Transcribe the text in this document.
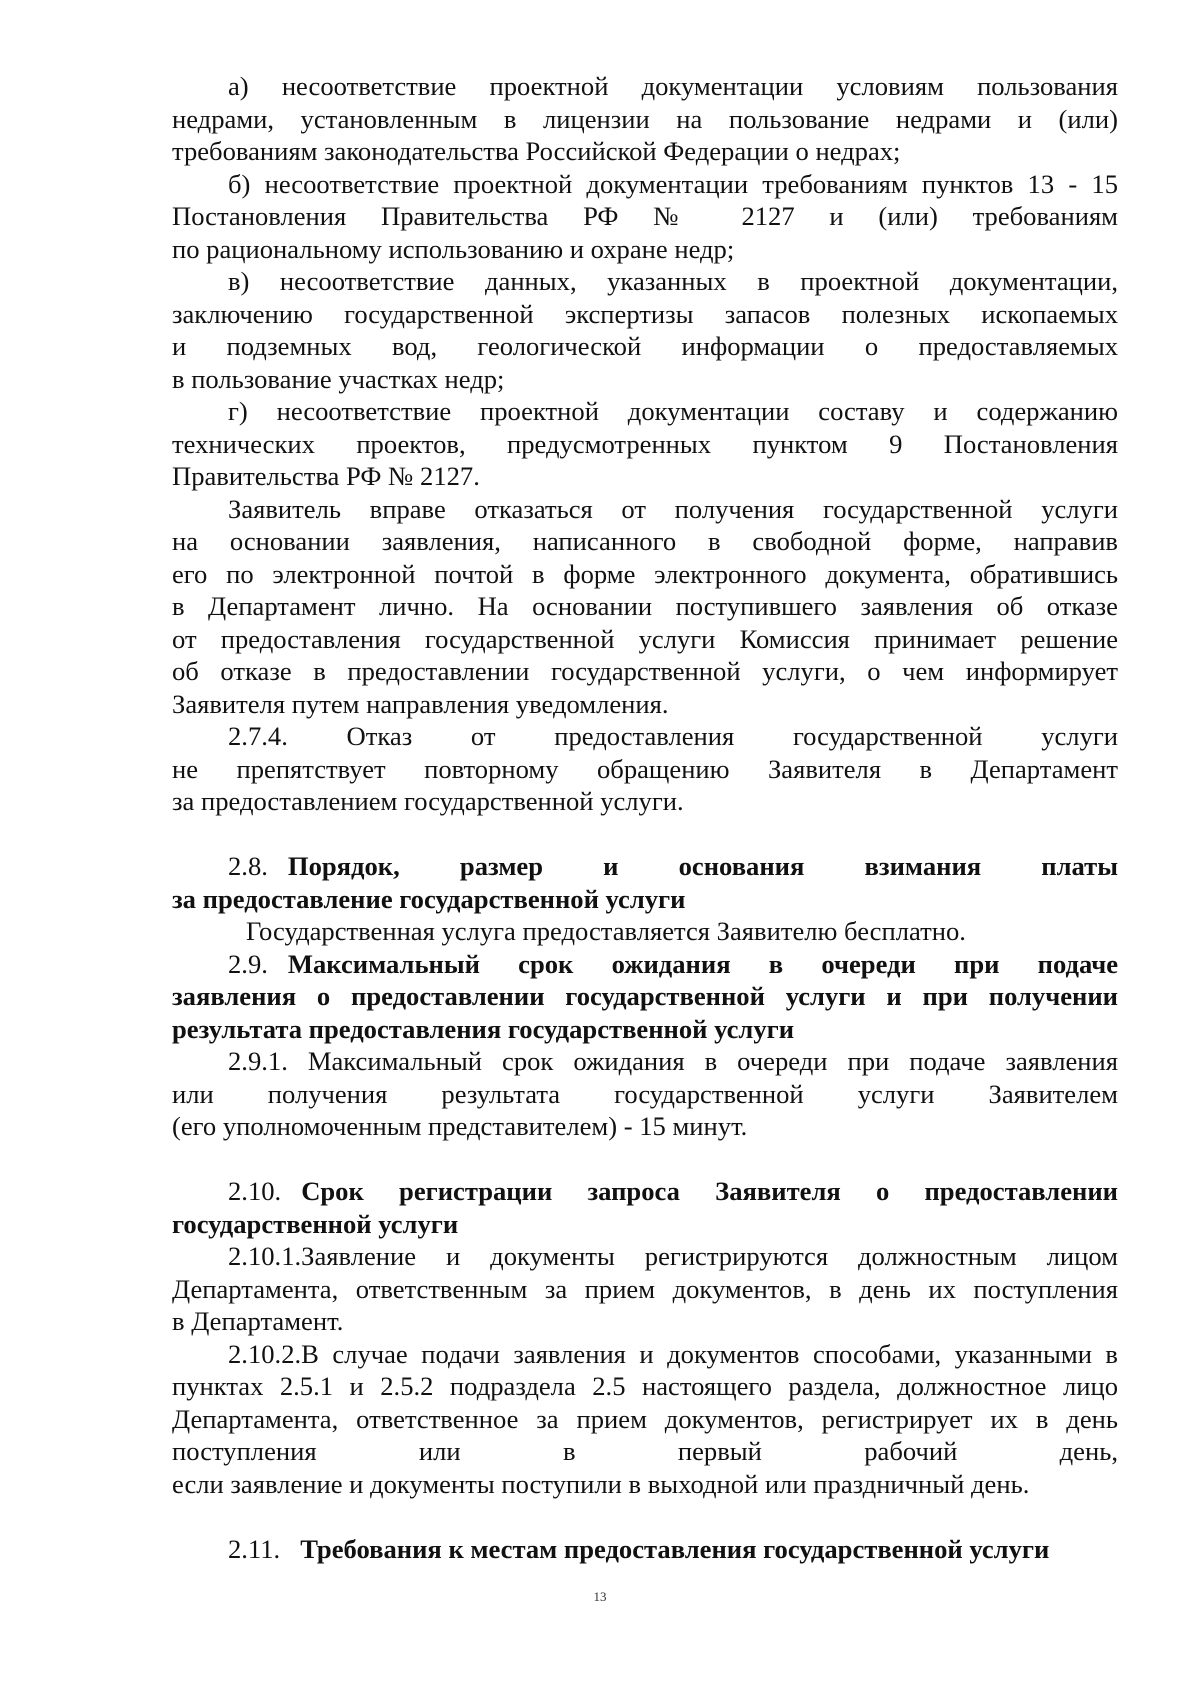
а) несоответствие проектной документации условиям пользования

недрами, установленным в лицензии на пользование недрами и (или)

требованиям законодательства Российской Федерации о недрах;

б) несоответствие проектной документации требованиям пунктов 13 - 15

Постановления Правительства РФ № 2127 и (или) требованиям

по рациональному использованию и охране недр;

в) несоответствие данных, указанных в проектной документации,

заключению государственной экспертизы запасов полезных ископаемых

и подземных вод, геологической информации о предоставляемых

в пользование участках недр;

г) несоответствие проектной документации составу и содержанию

технических проектов, предусмотренных пунктом 9 Постановления

Правительства РФ № 2127.

Заявитель вправе отказаться от получения государственной услуги

на основании заявления, написанного в свободной форме, направив

его по электронной почтой в форме электронного документа, обратившись

в Департамент лично. На основании поступившего заявления об отказе

от предоставления государственной услуги Комиссия принимает решение

об отказе в предоставлении государственной услуги, о чем информирует

Заявителя путем направления уведомления.

2.7.4. Отказ от предоставления государственной услуги

не препятствует повторному обращению Заявителя в Департамент

за предоставлением государственной услуги.

2.8. Порядок, размер и основания взимания платы

за предоставление государственной услуги

Государственная услуга предоставляется Заявителю бесплатно.

2.9. Максимальный срок ожидания в очереди при подаче

заявления о предоставлении государственной услуги и при получении

результата предоставления государственной услуги

2.9.1. Максимальный срок ожидания в очереди при подаче заявления

или получения результата государственной услуги Заявителем

(его уполномоченным представителем) - 15 минут.

2.10. Срок регистрации запроса Заявителя о предоставлении

государственной услуги

2.10.1.Заявление и документы регистрируются должностным лицом

Департамента, ответственным за прием документов, в день их поступления

в Департамент.

2.10.2.В случае подачи заявления и документов способами, указанными в

пунктах 2.5.1 и 2.5.2 подраздела 2.5 настоящего раздела, должностное лицо

Департамента, ответственное за прием документов, регистрирует их в день

поступления или в первый рабочий день,

если заявление и документы поступили в выходной или праздничный день.

2.11. Требования к местам предоставления государственной услуги

13
